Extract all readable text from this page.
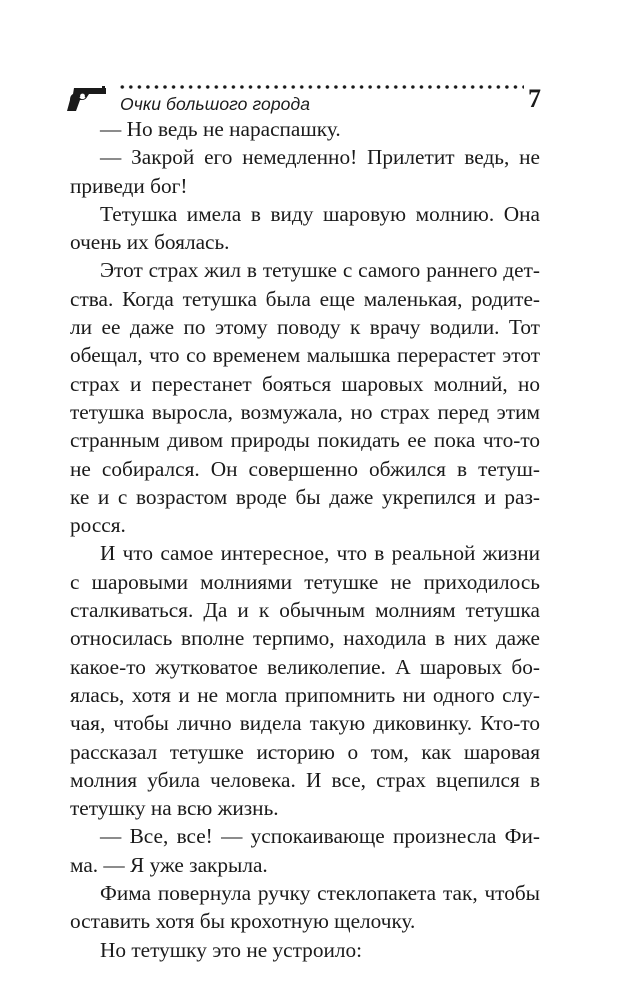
Очки большого города	7
— Но ведь не нараспашку.
— Закрой его немедленно! Прилетит ведь, не
приведи бог!
Тетушка имела в виду шаровую молнию. Она
очень их боялась.
Этот страх жил в тетушке с самого раннего дет-
ства. Когда тетушка была еще маленькая, родите-
ли ее даже по этому поводу к врачу водили. Тот
обещал, что со временем малышка перерастет этот
страх и перестанет бояться шаровых молний, но
тетушка выросла, возмужала, но страх перед этим
странным дивом природы покидать ее пока что-то
не собирался. Он совершенно обжился в тетуш-
ке и с возрастом вроде бы даже укрепился и раз-
росся.
И что самое интересное, что в реальной жизни
с шаровыми молниями тетушке не приходилось
сталкиваться. Да и к обычным молниям тетушка
относилась вполне терпимо, находила в них даже
какое-то жутковатое великолепие. А шаровых бо-
ялась, хотя и не могла припомнить ни одного слу-
чая, чтобы лично видела такую диковинку. Кто-то
рассказал тетушке историю о том, как шаровая
молния убила человека. И все, страх вцепился в
тетушку на всю жизнь.
— Все, все! — успокаивающе произнесла Фи-
ма. — Я уже закрыла.
Фима повернула ручку стеклопакета так, чтобы
оставить хотя бы крохотную щелочку.
Но тетушку это не устроило:
